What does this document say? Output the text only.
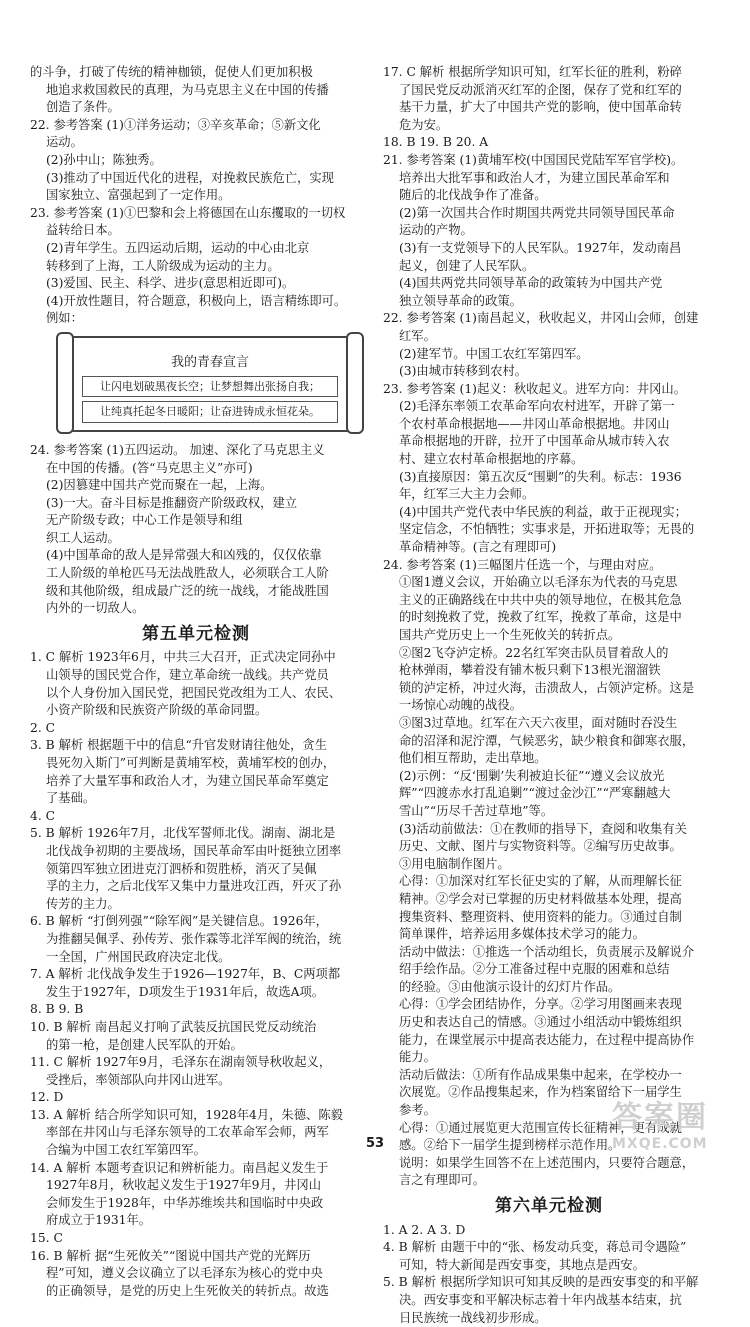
的斗争，打破了传统的精神枷锁，促使人们更加积极
地追求救国救民的真理，为马克思主义在中国的传播
创造了条件。

22. 参考答案 (1)①洋务运动；③辛亥革命；⑤新文化
运动。
(2)孙中山；陈独秀。
(3)推动了中国近代化的进程，对挽救民族危亡，实现
国家独立、富强起到了一定作用。

23. 参考答案 (1)①巴黎和会上将德国在山东攫取的一切权
益转给日本。
(2)青年学生。五四运动后期，运动的中心由北京
转移到了上海，工人阶级成为运动的主力。
(3)爱国、民主、科学、进步(意思相近即可)。
(4)开放性题目，符合题意，积极向上，语言精练即可。
例如：

我的青春宣言
让闪电划破黑夜长空；让梦想舞出张扬自我；
让纯真托起冬日暖阳；让奋进铸成永恒花朵。

24. 参考答案 (1)五四运动。 加速、深化了马克思主义
在中国的传播。(答“马克思主义”亦可)
(2)因篡建中国共产党而聚在一起，上海。
(3)一大。奋斗目标是推翻资产阶级政权，建立
无产阶级专政；中心工作是领导和组
织工人运动。
(4)中国革命的敌人是异常强大和凶残的，仅仅依靠
工人阶级的单枪匹马无法战胜敌人，必须联合工人阶
级和其他阶级，组成最广泛的统一战线，才能战胜国
内外的一切敌人。

第五单元检测

1. C 解析 1923年6月，中共三大召开，正式决定同孙中
山领导的国民党合作，建立革命统一战线。共产党员
以个人身份加入国民党，把国民党改组为工人、农民、
小资产阶级和民族资产阶级的革命同盟。

2. C

3. B 解析 根据题干中的信息“升官发财请往他处，贪生
畏死勿入斯门”可判断是黄埔军校，黄埔军校的创办，
培养了大量军事和政治人才，为建立国民革命军奠定
了基础。

4. C

5. B 解析 1926年7月，北伐军誓师北伐。湖南、湖北是
北伐战争初期的主要战场，国民革命军由叶挺独立团率
领第四军独立团进克汀泗桥和贺胜桥，消灭了吴佩
孚的主力，之后北伐军又集中力量进攻江西，歼灭了孙
传芳的主力。

6. B 解析 “打倒列强”“除军阀”是关键信息。1926年，
为推翻吴佩孚、孙传芳、张作霖等北洋军阀的统治，统
一全国，广州国民政府决定北伐。

7. A 解析 北伐战争发生于1926—1927年，B、C两项都
发生于1927年，D项发生于1931年后，故选A项。

8. B 9. B

10. B 解析 南昌起义打响了武装反抗国民党反动统治
的第一枪，是创建人民军队的开始。

11. C 解析 1927年9月，毛泽东在湖南领导秋收起义，
受挫后，率领部队向井冈山进军。

12. D

13. A 解析 结合所学知识可知，1928年4月，朱德、陈毅
率部在井冈山与毛泽东领导的工农革命军会师，两军
合编为中国工农红军第四军。

14. A 解析 本题考查识记和辨析能力。南昌起义发生于
1927年8月，秋收起义发生于1927年9月，井冈山
会师发生于1928年，中华苏维埃共和国临时中央政
府成立于1931年。

15. C

16. B 解析 据“生死攸关”“图说中国共产党的光辉历
程”可知，遵义会议确立了以毛泽东为核心的党中央
的正确领导，是党的历史上生死攸关的转折点。故选

17. C 解析 根据所学知识可知，红军长征的胜利，粉碎
了国民党反动派消灭红军的企图，保存了党和红军的
基干力量，扩大了中国共产党的影响，使中国革命转
危为安。

18. B 19. B 20. A

21. 参考答案 (1)黄埔军校(中国国民党陆军军官学校)。
培养出大批军事和政治人才，为建立国民革命军和
随后的北伐战争作了准备。
(2)第一次国共合作时期国共两党共同领导国民革命
运动的产物。
(3)有一支党领导下的人民军队。1927年，发动南昌
起义，创建了人民军队。
(4)国共两党共同领导革命的政策转为中国共产党
独立领导革命的政策。

22. 参考答案 (1)南昌起义，秋收起义，井冈山会师，创建
红军。
(2)建军节。中国工农红军第四军。
(3)由城市转移到农村。

23. 参考答案 (1)起义：秋收起义。进军方向：井冈山。
(2)毛泽东率领工农革命军向农村进军，开辟了第一
个农村革命根据地——井冈山革命根据地。井冈山
革命根据地的开辟，拉开了中国革命从城市转入农
村、建立农村革命根据地的序幕。
(3)直接原因：第五次反“围剿”的失利。标志：1936
年，红军三大主力会师。
(4)中国共产党代表中华民族的利益，敢于正视现实；
坚定信念，不怕牺牲；实事求是，开拓进取等；无畏的
革命精神等。(言之有理即可)

24. 参考答案 (1)三幅图片任选一个，与理由对应。
①图1遵义会议，开始确立以毛泽东为代表的马克思
主义的正确路线在中共中央的领导地位，在极其危急
的时刻挽救了党，挽救了红军，挽救了革命，这是中
国共产党历史上一个生死攸关的转折点。
②图2飞夺泸定桥。22名红军突击队员冒着敌人的
枪林弹雨，攀着没有铺木板只剩下13根光溜溜铁
锁的泸定桥，冲过火海，击溃敌人，占领泸定桥。这是
一场惊心动魄的战役。
③图3过草地。红军在六天六夜里，面对随时吞没生
命的沼泽和泥泞潭，气候恶劣，缺少粮食和御寒衣服，
他们相互帮助，走出草地。
(2)示例：“反‘围剿’失利被迫长征”“遵义会议放光
辉”“四渡赤水打乱追剿”“渡过金沙江”“严寒翻越大
雪山”“历尽千苦过草地”等。
(3)活动前做法：①在教师的指导下，查阅和收集有关
历史、文献、图片与实物资料等。②编写历史故事。
③用电脑制作图片。
心得：①加深对红军长征史实的了解，从而理解长征
精神。②学会对已掌握的历史材料做基本处理，提高
搜集资料、整理资料、使用资料的能力。③通过自制
简单课件，培养运用多媒体技术学习的能力。
活动中做法：①推选一个活动组长，负责展示及解说介
绍手绘作品。②分工准备过程中克服的困难和总结
的经验。③由他演示设计的幻灯片作品。
心得：①学会团结协作，分享。②学习用图画来表现
历史和表达自己的情感。③通过小组活动中锻炼组织
能力，在课堂展示中提高表达能力，在过程中提高协作
能力。
活动后做法：①所有作品成果集中起来，在学校办一
次展览。②作品搜集起来，作为档案留给下一届学生
参考。
心得：①通过展览更大范围宣传长征精神，更有成就
感。②给下一届学生提到榜样示范作用。
说明：如果学生回答不在上述范围内，只要符合题意，
言之有理即可。

第六单元检测

1. A 2. A 3. D

4. B 解析 由题干中的“张、杨发动兵变，蒋总司令遇险”
可知，特大新闻是西安事变，其地点是西安。

5. B 解析 根据所学知识可知其反映的是西安事变的和平解
决。西安事变和平解决标志着十年内战基本结束，抗
日民族统一战线初步形成。

53
答案圈
MXQE.COM
